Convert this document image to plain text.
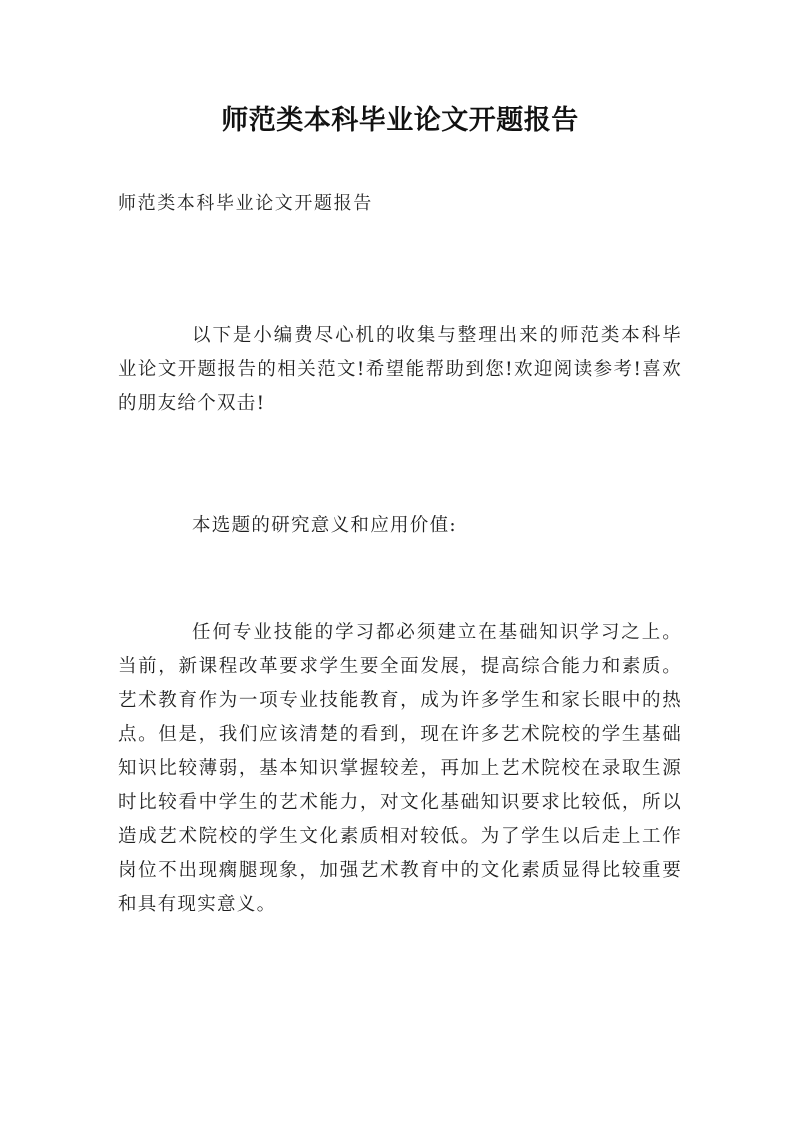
师范类本科毕业论文开题报告
师范类本科毕业论文开题报告

以下是小编费尽心机的收集与整理出来的师范类本科毕业论文开题报告的相关范文!希望能帮助到您!欢迎阅读参考!喜欢的朋友给个双击!

本选题的研究意义和应用价值:

任何专业技能的学习都必须建立在基础知识学习之上。当前，新课程改革要求学生要全面发展，提高综合能力和素质。艺术教育作为一项专业技能教育，成为许多学生和家长眼中的热点。但是，我们应该清楚的看到，现在许多艺术院校的学生基础知识比较薄弱，基本知识掌握较差，再加上艺术院校在录取生源时比较看中学生的艺术能力，对文化基础知识要求比较低，所以造成艺术院校的学生文化素质相对较低。为了学生以后走上工作岗位不出现瘸腿现象，加强艺术教育中的文化素质显得比较重要和具有现实意义。
